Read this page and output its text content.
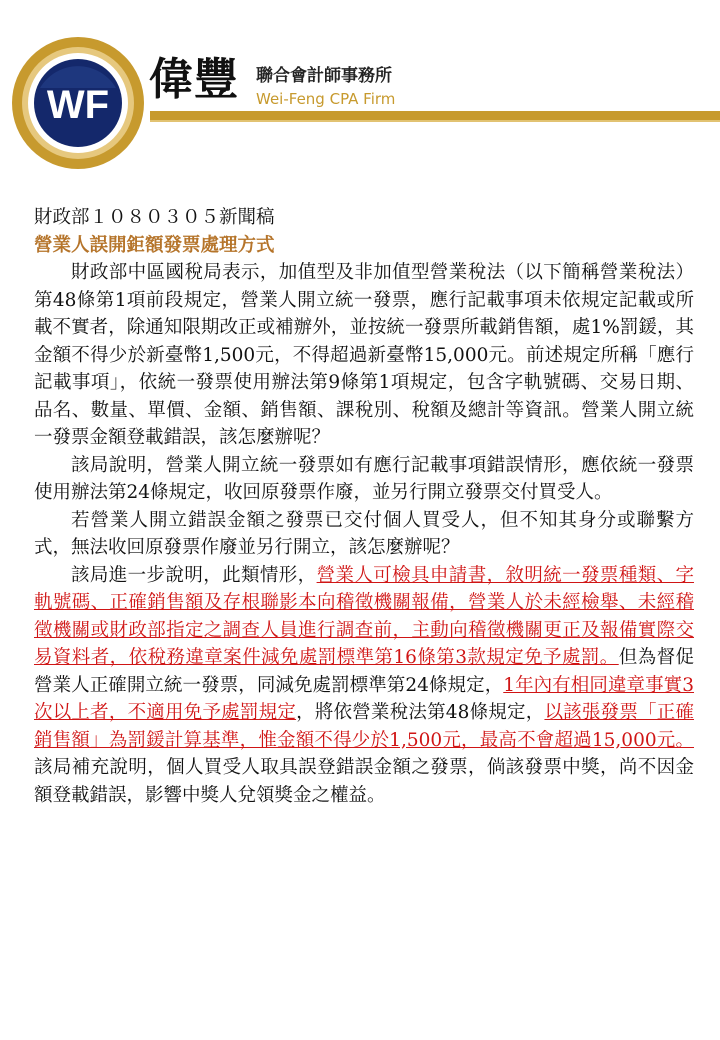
WF 偉豐 聯合會計師事務所
Wei-Feng CPA Firm

財政部１０８０３０５新聞稿

營業人誤開鉅額發票處理方式

財政部中區國稅局表示，加值型及非加值型營業稅法（以下簡稱營業稅法）第48條第1項前段規定，營業人開立統一發票，應行記載事項未依規定記載或所載不實者，除通知限期改正或補辦外，並按統一發票所載銷售額，處1%罰鍰，其金額不得少於新臺幣1,500元，不得超過新臺幣15,000元。前述規定所稱「應行記載事項」，依統一發票使用辦法第9條第1項規定，包含字軌號碼、交易日期、品名、數量、單價、金額、銷售額、課稅別、稅額及總計等資訊。營業人開立統一發票金額登載錯誤，該怎麼辦呢？

該局說明，營業人開立統一發票如有應行記載事項錯誤情形，應依統一發票使用辦法第24條規定，收回原發票作廢，並另行開立發票交付買受人。

若營業人開立錯誤金額之發票已交付個人買受人，但不知其身分或聯繫方式，無法收回原發票作廢並另行開立，該怎麼辦呢？

該局進一步說明，此類情形，營業人可檢具申請書，敘明統一發票種類、字軌號碼、正確銷售額及存根聯影本向稽徵機關報備，營業人於未經檢舉、未經稽徵機關或財政部指定之調查人員進行調查前，主動向稽徵機關更正及報備實際交易資料者，依稅務違章案件減免處罰標準第16條第3款規定免予處罰。但為督促營業人正確開立統一發票，同減免處罰標準第24條規定，1年內有相同違章事實3次以上者，不適用免予處罰規定，將依營業稅法第48條規定，以該張發票「正確銷售額」為罰鍰計算基準，惟金額不得少於1,500元，最高不會超過15,000元。該局補充說明，個人買受人取具誤登錯誤金額之發票，倘該發票中獎，尚不因金額登載錯誤，影響中獎人兌領獎金之權益。
